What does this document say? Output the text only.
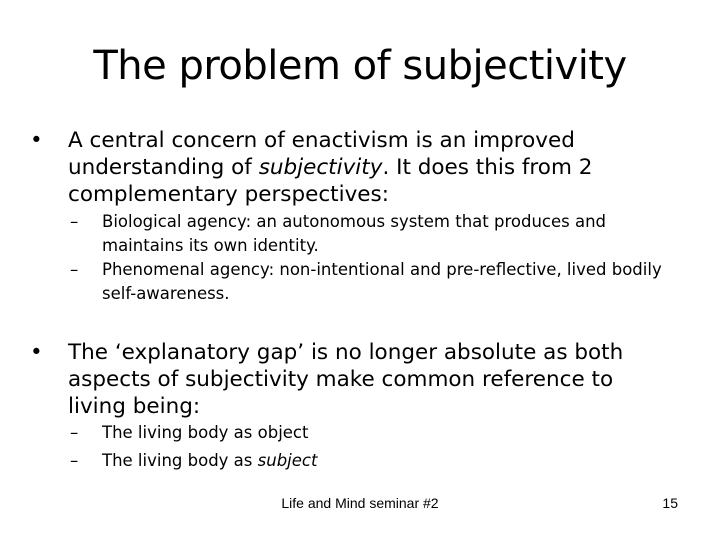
The problem of subjectivity
•	A central concern of enactivism is an improved understanding of subjectivity. It does this from 2 complementary perspectives:
–	Biological agency: an autonomous system that produces and maintains its own identity.
–	Phenomenal agency: non-intentional and pre-reflective, lived bodily self-awareness.
•	The ‘explanatory gap’ is no longer absolute as both aspects of subjectivity make common reference to living being:
–	The living body as object
–	The living body as subject
Life and Mind seminar #2	15
